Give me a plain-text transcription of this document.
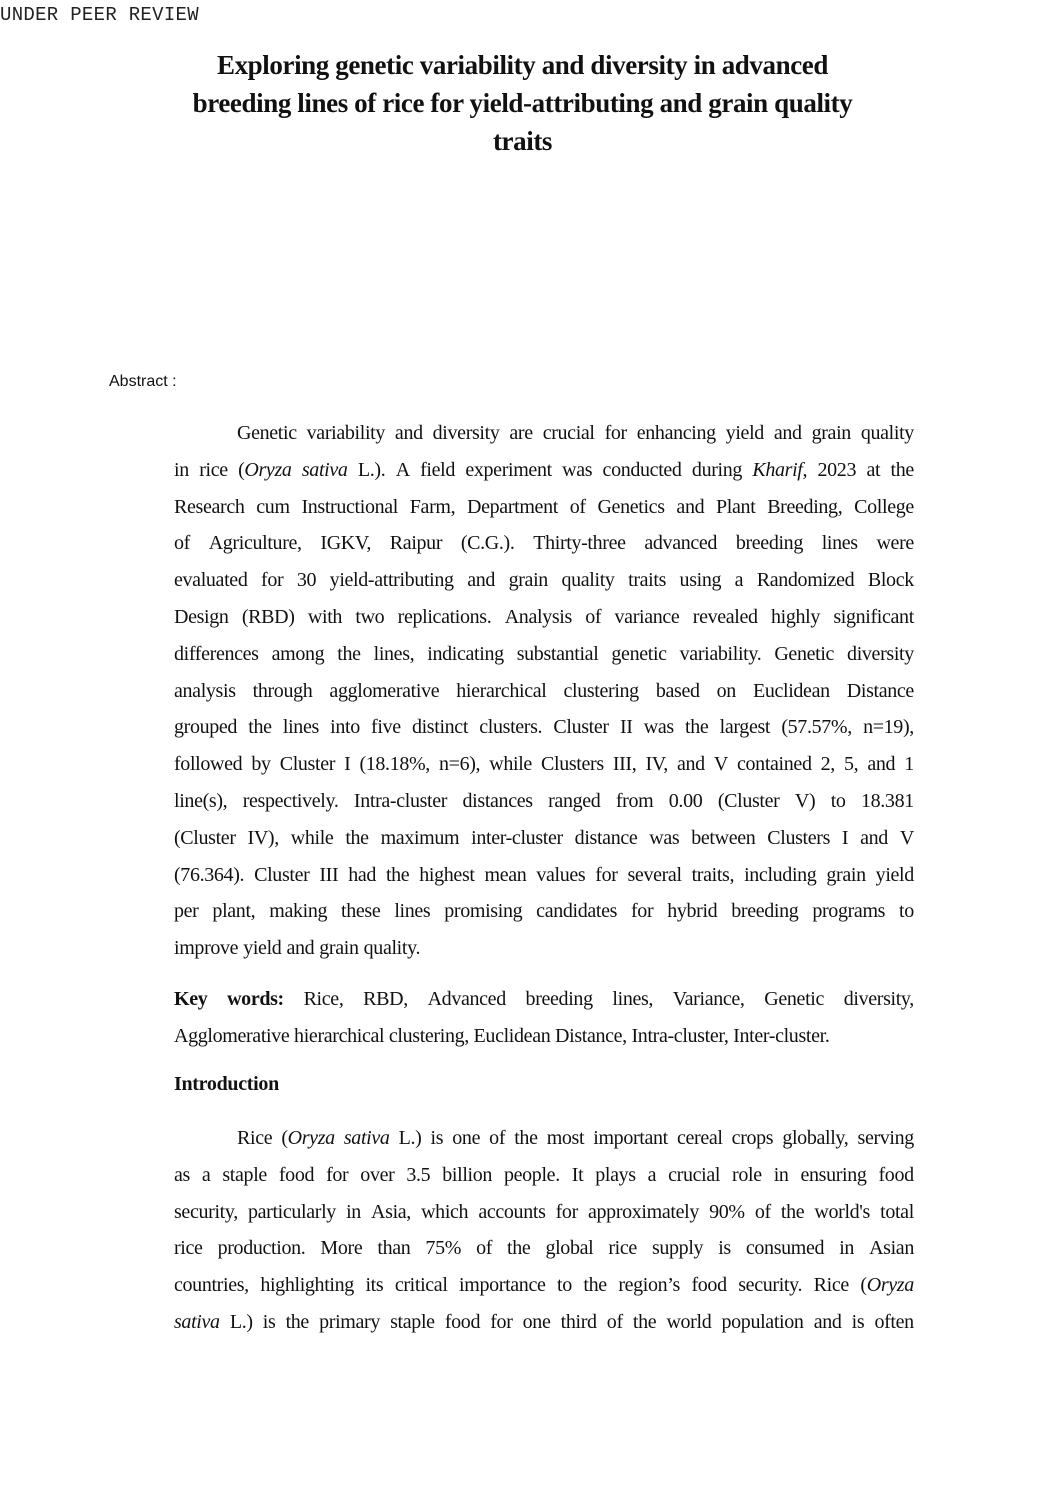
UNDER PEER REVIEW
Exploring genetic variability and diversity in advanced
breeding lines of rice for yield-attributing and grain quality
traits
Abstract :
Genetic variability and diversity are crucial for enhancing yield and grain quality
in rice (Oryza sativa L.). A field experiment was conducted during Kharif, 2023 at the
Research cum Instructional Farm, Department of Genetics and Plant Breeding, College
of Agriculture, IGKV, Raipur (C.G.). Thirty-three advanced breeding lines were
evaluated for 30 yield-attributing and grain quality traits using a Randomized Block
Design (RBD) with two replications. Analysis of variance revealed highly significant
differences among the lines, indicating substantial genetic variability. Genetic diversity
analysis through agglomerative hierarchical clustering based on Euclidean Distance
grouped the lines into five distinct clusters. Cluster II was the largest (57.57%, n=19),
followed by Cluster I (18.18%, n=6), while Clusters III, IV, and V contained 2, 5, and 1
line(s), respectively. Intra-cluster distances ranged from 0.00 (Cluster V) to 18.381
(Cluster IV), while the maximum inter-cluster distance was between Clusters I and V
(76.364). Cluster III had the highest mean values for several traits, including grain yield
per plant, making these lines promising candidates for hybrid breeding programs to
improve yield and grain quality.
Key words: Rice, RBD, Advanced breeding lines, Variance, Genetic diversity,
Agglomerative hierarchical clustering, Euclidean Distance, Intra-cluster, Inter-cluster.
Introduction
Rice (Oryza sativa L.) is one of the most important cereal crops globally, serving
as a staple food for over 3.5 billion people. It plays a crucial role in ensuring food
security, particularly in Asia, which accounts for approximately 90% of the world's total
rice production. More than 75% of the global rice supply is consumed in Asian
countries, highlighting its critical importance to the region’s food security. Rice (Oryza
sativa L.) is the primary staple food for one third of the world population and is often
